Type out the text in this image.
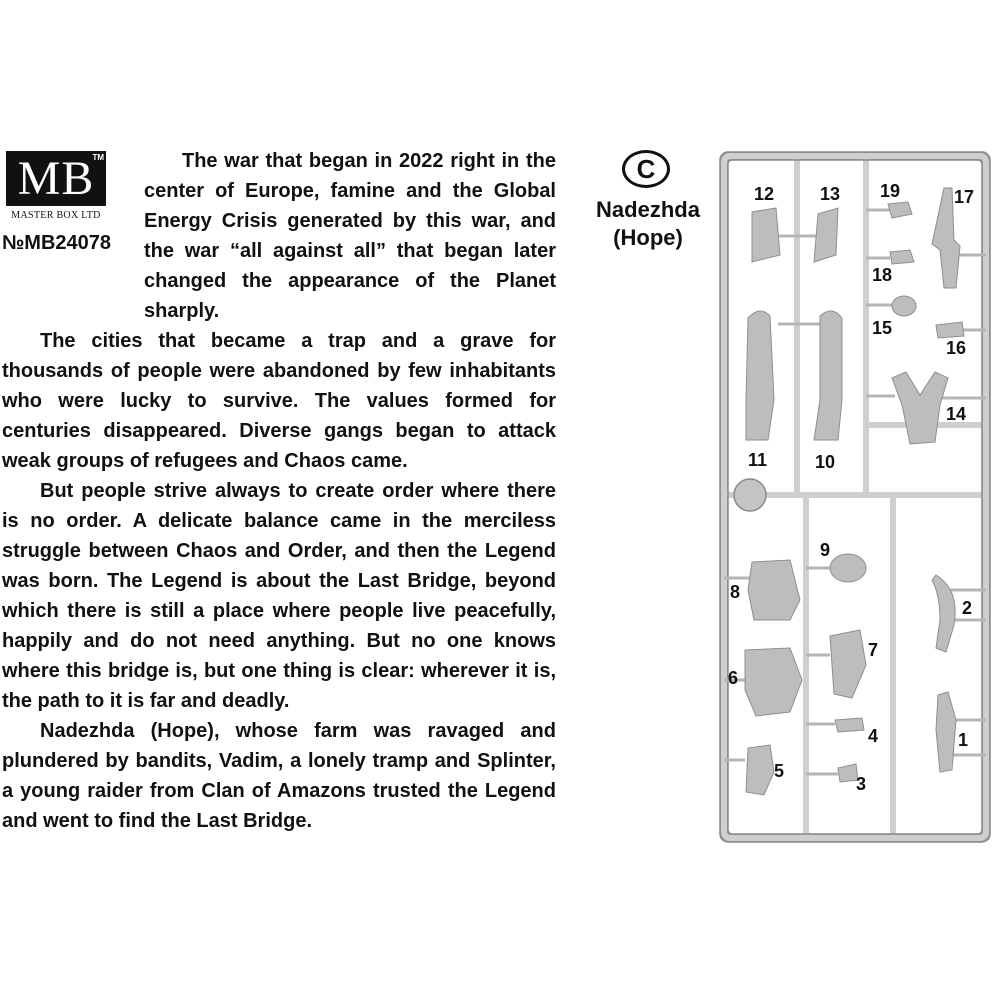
MB
TM
MASTER BOX LTD
№MB24078

The war that began in 2022 right in the center of Europe, famine and the Global Energy Crisis generated by this war, and the war “all against all” that began later changed the appearance of the Planet sharply.

The cities that became a trap and a grave for thousands of people were abandoned by few inhabitants who were lucky to survive. The values formed for centuries disappeared. Diverse gangs began to attack weak groups of refugees and Chaos came.

But people strive always to create order where there is no order. A delicate balance came in the merciless struggle between Chaos and Order, and then the Legend was born. The Legend is about the Last Bridge, beyond which there is still a place where people live peacefully, happily and do not need anything. But no one knows where this bridge is, but one thing is clear: wherever it is, the path to it is far and deadly.

Nadezhda (Hope), whose farm was ravaged and plundered by bandits, Vadim, a lonely tramp and Splinter, a young raider from Clan of Amazons trusted the Legend and went to find the Last Bridge.

C
Nadezhda
(Hope)
12	13 19	17
18
15
16
14
11	10
9
8
2
7
6
4	1
5
3
